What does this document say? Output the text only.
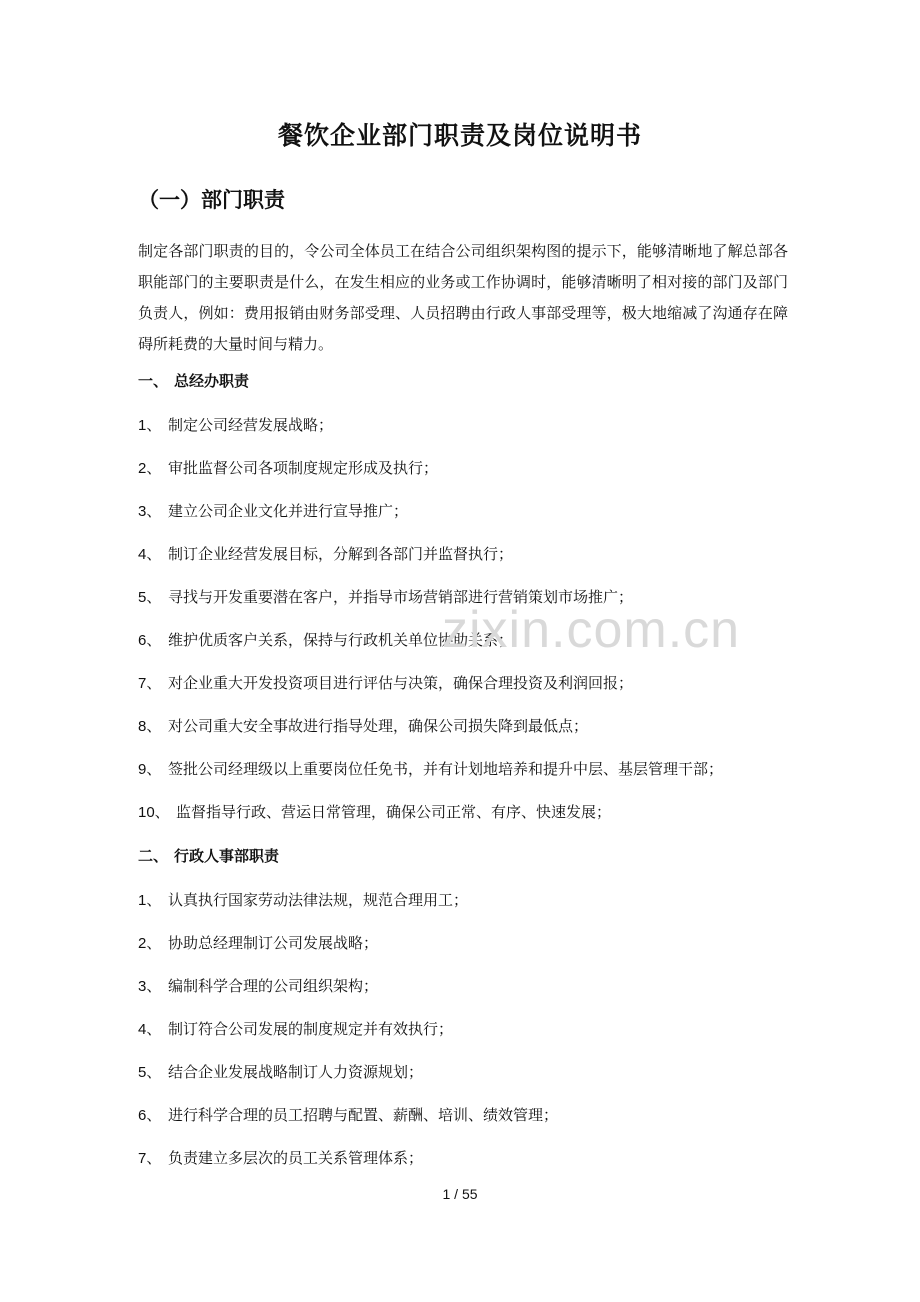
餐饮企业部门职责及岗位说明书
（一）部门职责
制定各部门职责的目的，令公司全体员工在结合公司组织架构图的提示下，能够清晰地了解总部各职能部门的主要职责是什么，在发生相应的业务或工作协调时，能够清晰明了相对接的部门及部门负责人，例如：费用报销由财务部受理、人员招聘由行政人事部受理等，极大地缩减了沟通存在障碍所耗费的大量时间与精力。
一、 总经办职责
1、 制定公司经营发展战略；
2、 审批监督公司各项制度规定形成及执行；
3、 建立公司企业文化并进行宣导推广；
4、 制订企业经营发展目标，分解到各部门并监督执行；
5、 寻找与开发重要潜在客户，并指导市场营销部进行营销策划市场推广；
6、 维护优质客户关系，保持与行政机关单位协助关系；
7、 对企业重大开发投资项目进行评估与决策，确保合理投资及利润回报；
8、 对公司重大安全事故进行指导处理，确保公司损失降到最低点；
9、 签批公司经理级以上重要岗位任免书，并有计划地培养和提升中层、基层管理干部；
10、 监督指导行政、营运日常管理，确保公司正常、有序、快速发展；
二、 行政人事部职责
1、 认真执行国家劳动法律法规，规范合理用工；
2、 协助总经理制订公司发展战略；
3、 编制科学合理的公司组织架构；
4、 制订符合公司发展的制度规定并有效执行；
5、 结合企业发展战略制订人力资源规划；
6、 进行科学合理的员工招聘与配置、薪酬、培训、绩效管理；
7、 负责建立多层次的员工关系管理体系；
zixin.com.cn
1 / 55
